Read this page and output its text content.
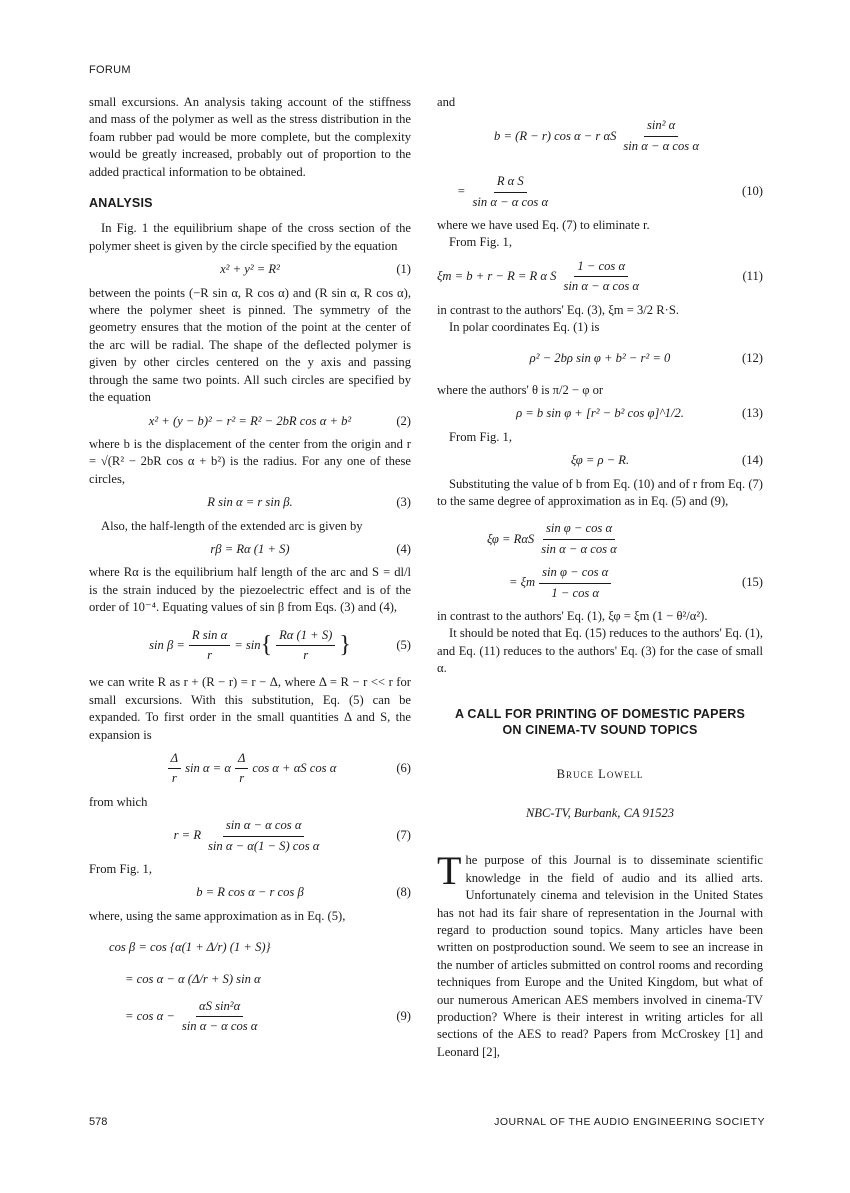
FORUM

small excursions. An analysis taking account of the stiffness and mass of the polymer as well as the stress distribution in the foam rubber pad would be more complete, but the complexity would be greatly increased, probably out of proportion to the added practical information to be obtained.

ANALYSIS

In Fig. 1 the equilibrium shape of the cross section of the polymer sheet is given by the circle specified by the equation

x² + y² = R²	(1)

between the points (−R sin α, R cos α) and (R sin α, R cos α), where the polymer sheet is pinned. The symmetry of the geometry ensures that the motion of the point at the center of the arc will be radial. The shape of the deflected polymer is given by other circles centered on the y axis and passing through the same two points. All such circles are specified by the equation

x² + (y − b)² − r² = R² − 2bR cos α + b²	(2)

where b is the displacement of the center from the origin and r = √(R² − 2bR cos α + b²) is the radius. For any one of these circles,

R sin α = r sin β.	(3)

Also, the half-length of the extended arc is given by

rβ = Rα (1 + S)	(4)

where Rα is the equilibrium half length of the arc and S = dl/l is the strain induced by the piezoelectric effect and is of the order of 10⁻⁴. Equating values of sin β from Eqs. (3) and (4),

$\sin \beta = \frac{\text{R sin α}}{r} = \sin$ { $\frac{R\alpha (1 + S)}{r}$ }	(5)

we can write R as r + (R − r) = r − Δ, where Δ = R − r << r for small excursions. With this substitution, Eq. (5) can be expanded. To first order in the small quantities Δ and S, the expansion is

$\frac{\Delta}{r}$ sin α = α $\frac{\Delta}{r}$ cos α + αS cos α	(6)

from which

r = R $\frac{\text{sin α − α cos α}}{\text{sin α − α(1 − S) cos α}}$	(7)

From Fig. 1,

b = R cos α − r cos β	(8)

where, using the same approximation as in Eq. (5),

cos β = cos {α(1 + Δ/r) (1 + S)}
= cos α − α (Δ/r + S) sin α
= $\cos \alpha - \frac{\text{αS sin²α}}{\text{sin α − α cos α}}$	(9)

and

b = (R − r) cos α − r αS $\frac{\text{sin² α}}{\text{sin α − α cos α}}$
= $\frac{\text{R α S}}{\text{sin α − α cos α}}$	(10)

where we have used Eq. (7) to eliminate r.

From Fig. 1,

ξm = b + r − R = R α S $\frac{\text{1 − cos α}}{\text{sin α − α cos α}}$	(11)

in contrast to the authors' Eq. (3), ξm = 3/2 R·S.

In polar coordinates Eq. (1) is

ρ² − 2bρ sin φ + b² − r² = 0	(12)

where the authors' θ is π/2 − φ or

ρ = b sin φ + [r² − b² cos φ]^1/2.	(13)

From Fig. 1,

ξφ = ρ − R.	(14)

Substituting the value of b from Eq. (10) and of r from Eq. (7) to the same degree of approximation as in Eq. (5) and (9),

ξφ = RαS $\frac{\text{sin φ − cos α}}{\text{sin α − α cos α}}$
= ξm $\frac{\text{sin φ − cos α}}{\text{1 − cos α}}$	(15)

in contrast to the authors' Eq. (1), ξφ = ξm (1 − θ²/α²).

It should be noted that Eq. (15) reduces to the authors' Eq. (1), and Eq. (11) reduces to the authors' Eq. (3) for the case of small α.

A CALL FOR PRINTING OF DOMESTIC PAPERS
ON CINEMA-TV SOUND TOPICS
Bruce Lowell
NBC-TV, Burbank, CA 91523

The purpose of this Journal is to disseminate scientific knowledge in the field of audio and its allied arts. Unfortunately cinema and television in the United States has not had its fair share of representation in the Journal with regard to production sound topics. Many articles have been written on postproduction sound. We seem to see an increase in the number of articles submitted on control rooms and recording techniques from Europe and the United Kingdom, but what of our numerous American AES members involved in cinema-TV production? Where is their interest in writing articles for all sections of the AES to read? Papers from McCroskey [1] and Leonard [2],

578	JOURNAL OF THE AUDIO ENGINEERING SOCIETY
